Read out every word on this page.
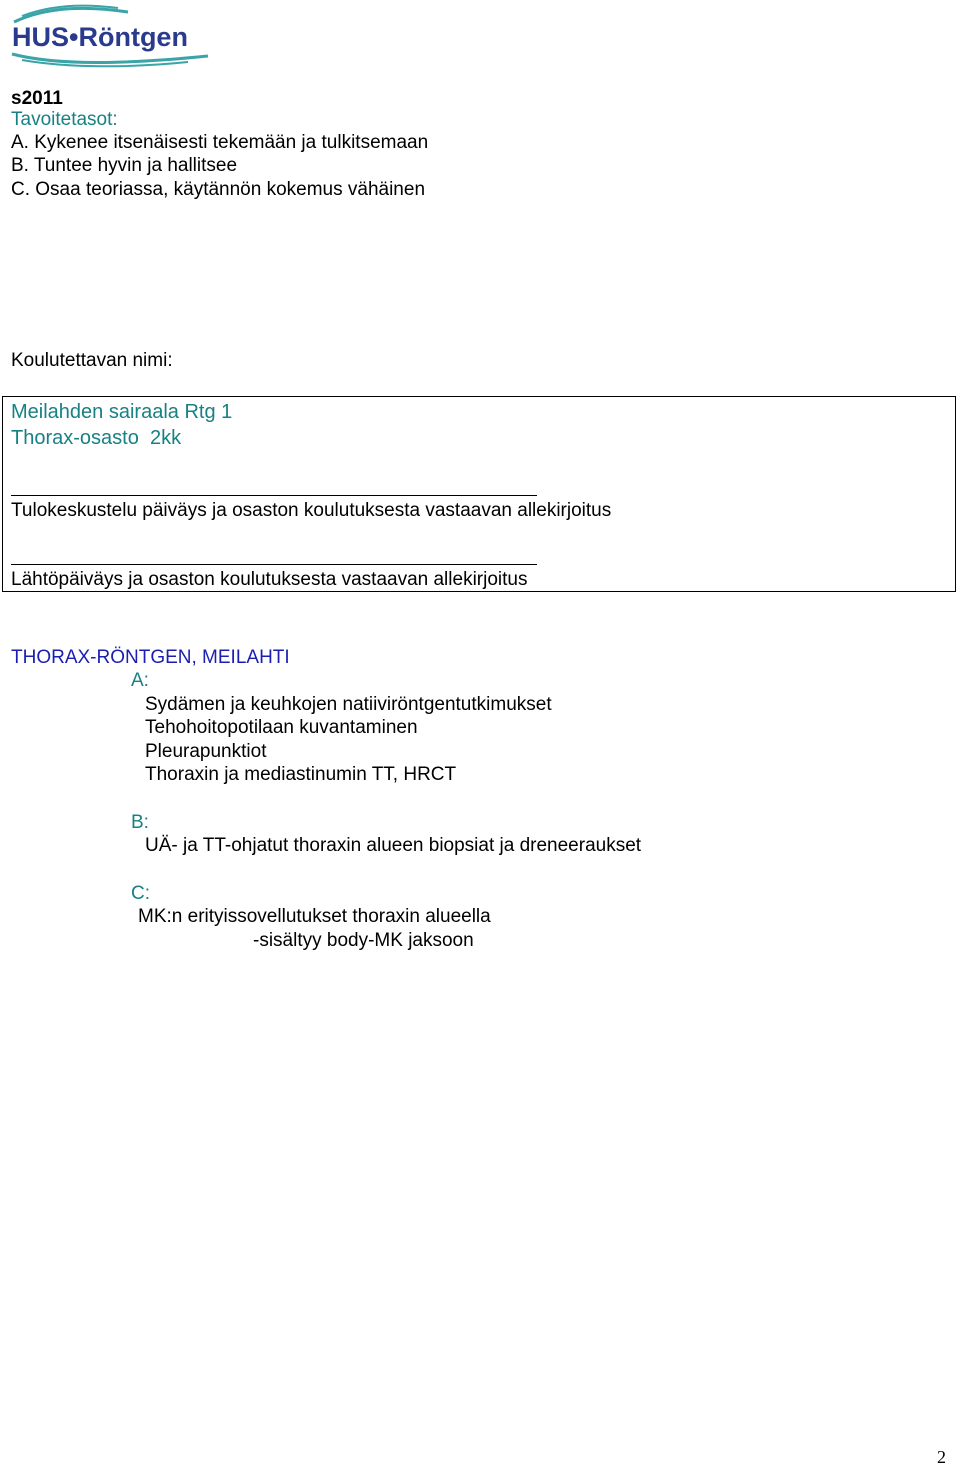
HUS•Röntgen
s2011
Tavoitetasot:
A. Kykenee itsenäisesti tekemään ja tulkitsemaan
B. Tuntee hyvin ja hallitsee
C. Osaa teoriassa, käytännön kokemus vähäinen
Koulutettavan nimi:
Meilahden sairaala Rtg 1
Thorax-osasto  2kk
Tulokeskustelu päiväys ja osaston koulutuksesta vastaavan allekirjoitus
Lähtöpäiväys ja osaston koulutuksesta vastaavan allekirjoitus
THORAX-RÖNTGEN, MEILAHTI
A:
Sydämen ja keuhkojen natiiviröntgentutkimukset
Tehohoitopotilaan kuvantaminen
Pleurapunktiot
Thoraxin ja mediastinumin TT, HRCT
B:
UÄ- ja TT-ohjatut thoraxin alueen biopsiat ja dreneeraukset
C:
MK:n erityissovellutukset thoraxin alueella
-sisältyy body-MK jaksoon
2
